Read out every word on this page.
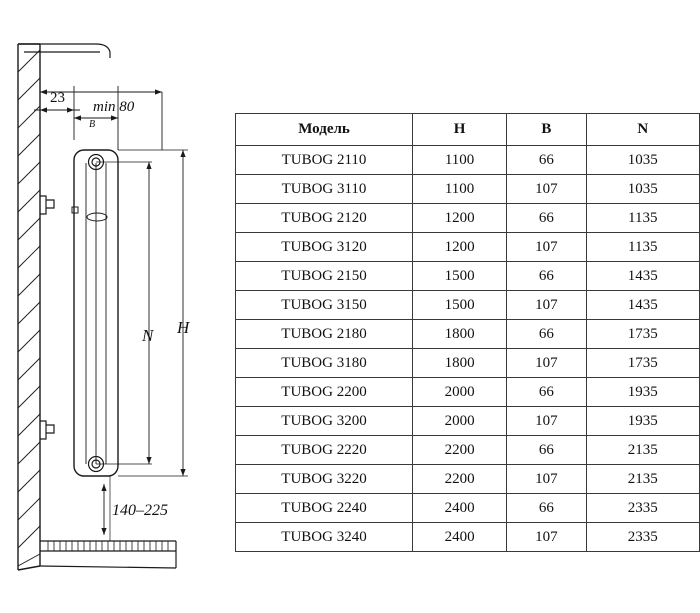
23
min 80
B
N H
140–225
Модель	H	B	N
TUBOG 2110	1100	66	1035
TUBOG 3110	1100	107	1035
TUBOG 2120	1200	66	1135
TUBOG 3120	1200	107	1135
TUBOG 2150	1500	66	1435
TUBOG 3150	1500	107	1435
TUBOG 2180	1800	66	1735
TUBOG 3180	1800	107	1735
TUBOG 2200	2000	66	1935
TUBOG 3200	2000	107	1935
TUBOG 2220	2200	66	2135
TUBOG 3220	2200	107	2135
TUBOG 2240	2400	66	2335
TUBOG 3240	2400	107	2335
